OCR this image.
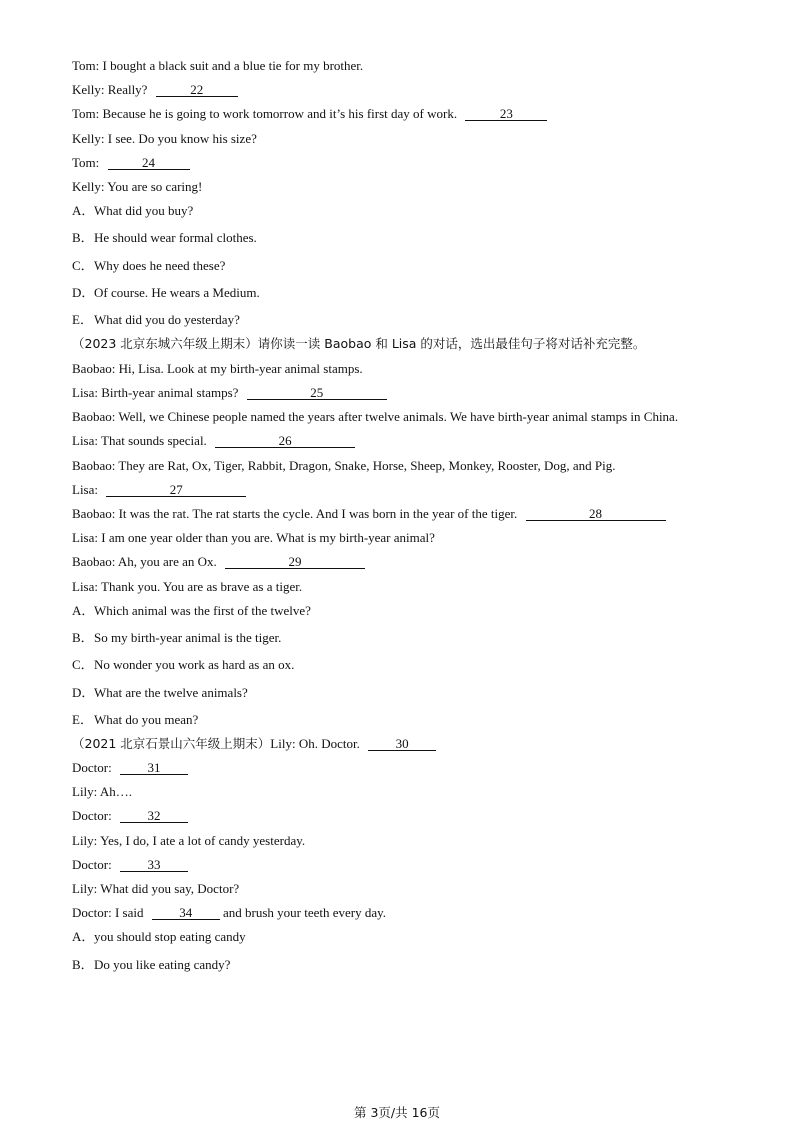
Tom: I bought a black suit and a blue tie for my brother.
Kelly: Really?	22
Tom: Because he is going to work tomorrow and it’s his first day of work.	23
Kelly: I see. Do you know his size?
Tom:	24
Kelly: You are so caring!
A．What did you buy?
B．He should wear formal clothes.
C．Why does he need these?
D．Of course. He wears a Medium.
E．What did you do yesterday?
（2023 北京东城六年级上期末）请你读一读 Baobao 和 Lisa 的对话，选出最佳句子将对话补充完整。
Baobao: Hi, Lisa. Look at my birth-year animal stamps.
Lisa: Birth-year animal stamps?	25
Baobao: Well, we Chinese people named the years after twelve animals. We have birth-year animal stamps in China.
Lisa: That sounds special.	26
Baobao: They are Rat, Ox, Tiger, Rabbit, Dragon, Snake, Horse, Sheep, Monkey, Rooster, Dog, and Pig.
Lisa:	27
Baobao: It was the rat. The rat starts the cycle. And I was born in the year of the tiger.	28
Lisa: I am one year older than you are. What is my birth-year animal?
Baobao: Ah, you are an Ox.	29
Lisa: Thank you. You are as brave as a tiger.
A．Which animal was the first of the twelve?
B．So my birth-year animal is the tiger.
C．No wonder you work as hard as an ox.
D．What are the twelve animals?
E．What do you mean?
（2021 北京石景山六年级上期末）Lily: Oh. Doctor.	30
Doctor:	31
Lily: Ah….
Doctor:	32
Lily: Yes, I do, I ate a lot of candy yesterday.
Doctor:	33
Lily: What did you say, Doctor?
Doctor: I said	34 and brush your teeth every day.
A．you should stop eating candy
B．Do you like eating candy?
第 3页/共 16页
